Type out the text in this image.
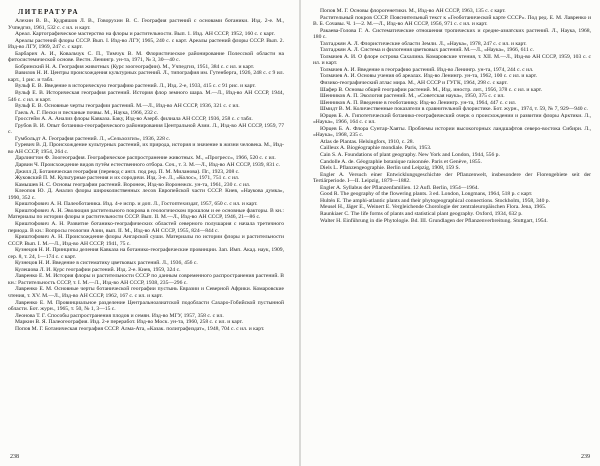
ЛИТЕРАТУРА

Алехин В. В., Кудряшов Л. В., Говорухин В. С. География растений с основами ботаники. Изд. 2-е. М., Учпедгиз, 1961, 532 с. с ил. и карт.

Ареал. Картографическое мастерство на флоры и растительности. Вып. 1. Изд. АН СССР, 1952, 160 с. с карт.

Ареалы растений флоры СССР. Вып. I. Изд-во ЛГУ, 1965, 240 с. с карт. Ареалы растений флоры СССР. Вып. 2. Изд-во ЛГУ, 1969, 247 с. с карт.

Барбарич А. И., Ковальчук С. П., Тимчук В. М. Флористическое районирование Полесской области на фитосистемической основе. Вестн. Ленингр. ун-та, 1971, № 3, 30—40 с.

Бобринский Н. А. География животных (Курс зоогеографии). М., Учпедгиз, 1951, 384 с. с ил. и карт.

Вавилов Н. И. Центры происхождения культурных растений. Л., типография им. Гутенберга, 1926, 248 с. с 9 ил. карт., 1 рис. и табл.

Вульф Е. В. Введение в историческую географию растений. Л., Изд. 2-е, 1933, 415 с. с 91 рис. и карт.

Вульф Е. В. Историческая география растений. История флор земного шара. М.—Л., Изд-во АН СССР, 1944, 546 с. с ил. и карт.

Вульф Е. В. Основные черты географии растений. М.—Л., Изд-во АН СССР, 1936, 321 с. с ил.

Гаель А. Г. Пески и песчаные почвы. М., Наука, 1966, 232 с.

Гроссгейм А. А. Анализ флоры Кавказа. Баку, Изд-во Азерб. филиала АН СССР, 1936, 258 с. с табл.

Грубов В. И. Опыт ботанико-географического районирования Центральной Азии. Л., Изд-во АН СССР, 1959, 77 с.

Гумбольдт А. География растений. Л., «Сельхозгиз», 1936, 228 с.

Гуревич В. Д. Происхождение культурных растений, их природа, история и значение в жизни человека. М., Изд-во АН СССР, 1954, 264 с.

Дарлингтон Ф. Зоогеография. Географическое распространение животных. М., «Прогресс», 1966, 520 с. с ил.

Дарвин Ч. Происхождение видов путём естественного отбора. Соч., т. 3. М.—Л., Изд-во АН СССР, 1939, 831 с.

Джилл Д. Ботаническая география (перевод с англ. под ред. П. М. Миланова). Пг., 1923, 208 с.

Жуковский П. М. Культурные растения и их сородичи. Изд. 3-е. Л., «Колос», 1971, 751 с. с ил.

Камышев Н. С. Основы географии растений. Воронеж, Изд-во Воронежск. ун-та, 1961, 230 с. с ил.

Клеопов Ю. Д. Анализ флоры широколиственных лесов Европейской части СССР. Киев, «Наукова думка», 1990, 352 с.

Криштофович А. Н. Палеоботаника. Изд. 4-е испр. и доп. Л., Гостоптехиздат, 1957, 650 с. с ил. и карт.

Криштофович А. Н. Эволюция растительного покрова в геологическом прошлом и ее основные факторы. В кн.: Материалы по истории флоры и растительности СССР. Вып. II. М.—Л., Изд-во АН СССР, 1946, 21—86 с.

Криштофович А. Н. Развитие ботанико-географических областей северного полушария с начала третичного периода. В кн.: Вопросы геологии Азии, вып. II. М., Изд-во АН СССР, 1955, 824—844 с.

Криштофович А. Н. Происхождение флоры Ангарской суши. Материалы по истории флоры и растительности СССР. Вып. I. М.—Л., Изд-во АН СССР, 1941, 75 с.

Кузнецов Н. И. Принципы деления Кавказа на ботанико-географические провинции. Зап. Имп. Акад. наук, 1909, сер. 8, т. 24, 1—174 с. с карт.

Кузнецов Н. И. Введение в систематику цветковых растений. Л., 1936, 456 с.

Кулешова Л. И. Курс географии растений. Изд. 2-е. Киев, 1959, 324 с.

Лавренко Е. М. История флоры и растительности СССР по данным современного распространения растений. В кн.: Растительность СССР, т. I. М.—Л., Изд-во АН СССР, 1938, 235—296 с.

Лавренко Е. М. Основные черты ботанической географии пустынь Евразии и Северной Африки. Комаровские чтения, т. XV. М.—Л., Изд-во АН СССР, 1962, 167 с. с ил. и карт.

Лавренко Е. М. Провинциальное разделение Центральноазиатской подобласти Сахаро-Гобийской пустынной области. Бот. журн., 1965, т. 50, № 1, 3—15 с.

Леонова Т. Г. Способы распространения плодов и семян. Изд-во МГУ, 1957, 358 с. с ил.

Маркин В. Я. Палеогеография. Изд. 2-е переработ. Изд-во Моск. ун-та, 1960, 258 с. с ил. и карт.

Попов М. Г. Ботаническая география СССР. Алма-Ата, «Казак. полиграфиздат», 1948, 704 с. с ил. и карт.

238

Попов М. Г. Основы флорогенетики. М., Изд-во АН СССР, 1963, 135 с. с карт.

Растительный покров СССР. Пояснительный текст к «Геоботанической карте СССР». Под ред. Е. М. Лавренко и В. Б. Сочавы. Ч. 1—2. М.—Л., Изд-во АН СССР, 1956, 971 с. с ил. и карт.

Ракаева-Голова Г. А. Систематические отношения тропических и средне-азиатских растений. Л., Наука, 1968, 180 с.

Тахтаджян А. Л. Флористические области Земли. Л., «Наука», 1978, 247 с. с ил. и карт.

Тахтаджян А. Л. Система и филогения цветковых растений. М.—Л., «Наука», 1966, 611 с.

Толмачев А. И. О флоре острова Сахалина. Комаровские чтения, т. XII. М.—Л., Изд-во АН СССР, 1959, 103 с. с ил. и карт.

Толмачев А. И. Введение в географию растений. Изд-во Ленингр. ун-та, 1974, 244 с. с ил.

Толмачев А. И. Основы учения об ареалах. Изд-во Ленингр. ун-та, 1962, 100 с. с ил. и карт.

Физико-географический атлас мира. М., АН СССР и ГУГК, 1964, 298 с. с карт.

Шафер В. Основы общей географии растений. М., Изд. иностр. лит., 1956, 378 с. с ил. и карт.

Шенников А. П. Экология растений. М., «Советская наука», 1950, 375 с. с ил.

Шенников А. П. Введение в геоботанику. Изд-во Ленингр. ун-та, 1964, 447 с. с ил.

Шмидт В. М. Количественные показатели в сравнительной флористике. Бот. журн., 1974, т. 59, № 7, 929—940 с.

Юрцев Б. А. Гипотетический ботанико-географический очерк о происхождении и развитии флоры Арктики. Л., «Наука», 1966, 164 с. с ил.

Юрцев Б. А. Флора Сунтар-Хаяты. Проблемы истории высокогорных ландшафтов северо-востока Сибири. Л., «Наука», 1968, 235 с.

Atlas de Plantas. Helsingfors, 1910, с. 28.

Cailleux A. Biogéographie mondiale. Paris, 1953.

Cain S. A. Foundations of plant geography. New York and London, 1944, 556 p.

Candolle A. de. Géographie botanique raisonnée. Paris et Genève, 1855.

Diels L. Pflanzengeographie. Berlin und Leipzig, 1908, 159 S.

Engler A. Versuch einer Entwicklungsgeschichte der Pflanzenwelt, insbesondere der Florengebiete seit der Tertiärperiode. I—II. Leipzig, 1879—1882.

Engler A. Syllabus der Pflanzenfamilien. 12 Aufl. Berlin, 1954—1964.

Good R. The geography of the flowering plants. 3 ed. London, Longmans, 1964, 518 p. с карт.

Hultén E. The amphi-atlantic plants and their phytogeographical connections. Stockholm, 1958, 340 p.

Meusel H., Jäger E., Weinert E. Vergleichende Chorologie der zentraleuropäischen Flora. Jena, 1965.

Raunkiaer C. The life forms of plants and statistical plant geography. Oxford, 1934, 632 p.

Walter H. Einführung in die Phytologie. Bd. III. Grundlagen der Pflanzenverbreitung. Stuttgart, 1954.

239
